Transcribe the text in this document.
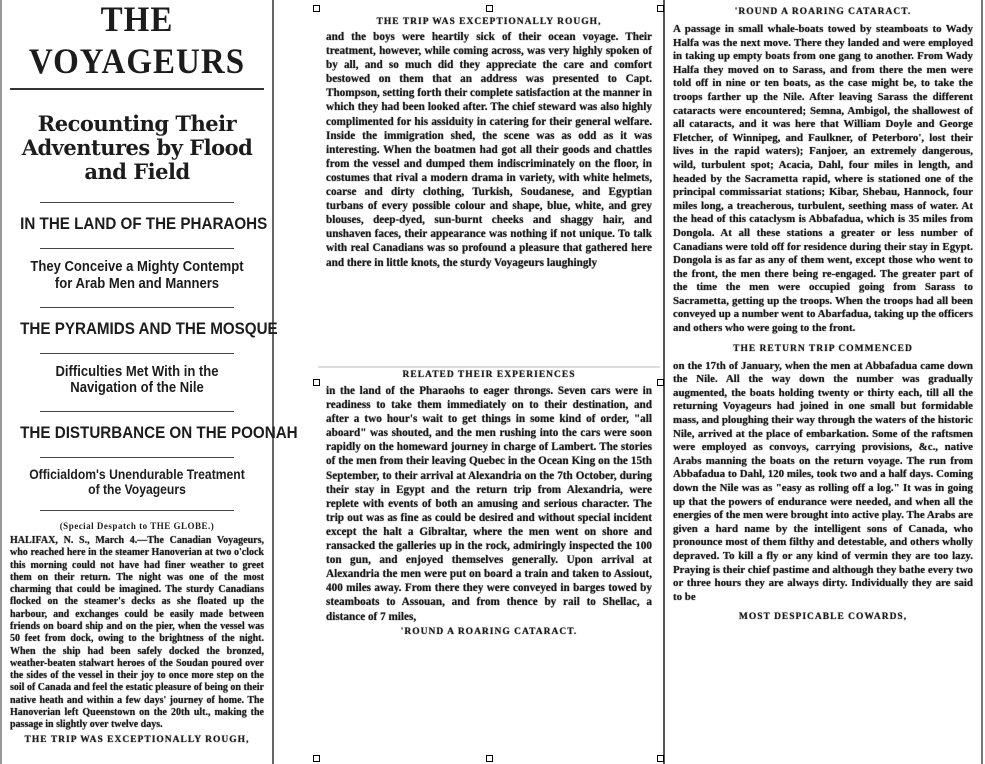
THE VOYAGEURS
Recounting Their Adventures by Flood and Field
IN THE LAND OF THE PHARAOHS
They Conceive a Mighty Contempt for Arab Men and Manners
THE PYRAMIDS AND THE MOSQUE
Difficulties Met With in the Navigation of the Nile
THE DISTURBANCE ON THE POONAH
Officialdom's Unendurable Treatment of the Voyageurs
(Special Despatch to THE GLOBE.)
HALIFAX, N. S., March 4.—The Canadian Voyageurs, who reached here in the steamer Hanoverian at two o'clock this morning could not have had finer weather to greet them on their return. The night was one of the most charming that could be imagined. The sturdy Canadians flocked on the steamer's decks as she floated up the harbour, and exchanges could be easily made between friends on board ship and on the pier, when the vessel was 50 feet from dock, owing to the brightness of the night. When the ship had been safely docked the bronzed, weather-beaten stalwart heroes of the Soudan poured over the sides of the vessel in their joy to once more step on the soil of Canada and feel the estatic pleasure of being on their native heath and within a few days' journey of home. The Hanoverian left Queenstown on the 20th ult., making the passage in slightly over twelve days.
THE TRIP WAS EXCEPTIONALLY ROUGH,
THE TRIP WAS EXCEPTIONALLY ROUGH,
and the boys were heartily sick of their ocean voyage. Their treatment, however, while coming across, was very highly spoken of by all, and so much did they appreciate the care and comfort bestowed on them that an address was presented to Capt. Thompson, setting forth their complete satisfaction at the manner in which they had been looked after. The chief steward was also highly complimented for his assiduity in catering for their general welfare. Inside the immigration shed, the scene was as odd as it was interesting. When the boatmen had got all their goods and chattles from the vessel and dumped them indiscriminately on the floor, in costumes that rival a modern drama in variety, with white helmets, coarse and dirty clothing, Turkish, Soudanese, and Egyptian turbans of every possible colour and shape, blue, white, and grey blouses, deep-dyed, sun-burnt cheeks and shaggy hair, and unshaven faces, their appearance was nothing if not unique. To talk with real Canadians was so profound a pleasure that gathered here and there in little knots, the sturdy Voyageurs laughingly
RELATED THEIR EXPERIENCES
in the land of the Pharaohs to eager throngs. Seven cars were in readiness to take them immediately on to their destination, and after a two hour's wait to get things in some kind of order, "all aboard" was shouted, and the men rushing into the cars were soon rapidly on the homeward journey in charge of Lambert. The stories of the men from their leaving Quebec in the Ocean King on the 15th September, to their arrival at Alexandria on the 7th October, during their stay in Egypt and the return trip from Alexandria, were replete with events of both an amusing and serious character. The trip out was as fine as could be desired and without special incident except the halt a Gibraltar, where the men went on shore and ransacked the galleries up in the rock, admiringly inspected the 100 ton gun, and enjoyed themselves generally. Upon arrival at Alexandria the men were put on board a train and taken to Assiout, 400 miles away. From there they were conveyed in barges towed by steamboats to Assouan, and from thence by rail to Shellac, a distance of 7 miles,
'ROUND A ROARING CATARACT.
'ROUND A ROARING CATARACT.
A passage in small whale-boats towed by steamboats to Wady Halfa was the next move. There they landed and were employed in taking up empty boats from one gang to another. From Wady Halfa they moved on to Sarass, and from there the men were told off in nine or ten boats, as the case might be, to take the troops farther up the Nile. After leaving Sarass the different cataracts were encountered; Semna, Ambigol, the shallowest of all cataracts, and it was here that William Doyle and George Fletcher, of Winnipeg, and Faulkner, of Peterboro', lost their lives in the rapid waters); Fanjoer, an extremely dangerous, wild, turbulent spot; Acacia, Dahl, four miles in length, and headed by the Sacrametta rapid, where is stationed one of the principal commissariat stations; Kibar, Shebau, Hannock, four miles long, a treacherous, turbulent, seething mass of water. At the head of this cataclysm is Abbafadua, which is 35 miles from Dongola. At all these stations a greater or less number of Canadians were told off for residence during their stay in Egypt. Dongola is as far as any of them went, except those who went to the front, the men there being re-engaged. The greater part of the time the men were occupied going from Sarass to Sacrametta, getting up the troops. When the troops had all been conveyed up a number went to Abarfadua, taking up the officers and others who were going to the front.
THE RETURN TRIP COMMENCED
on the 17th of January, when the men at Abbafadua came down the Nile. All the way down the number was gradually augmented, the boats holding twenty or thirty each, till all the returning Voyageurs had joined in one small but formidable mass, and ploughing their way through the waters of the historic Nile, arrived at the place of embarkation. Some of the raftsmen were employed as convoys, carrying provisions, &c., native Arabs manning the boats on the return voyage. The run from Abbafadua to Dahl, 120 miles, took two and a half days. Coming down the Nile was as "easy as rolling off a log." It was in going up that the powers of endurance were needed, and when all the energies of the men were brought into active play. The Arabs are given a hard name by the intelligent sons of Canada, who pronounce most of them filthy and detestable, and others wholly depraved. To kill a fly or any kind of vermin they are too lazy. Praying is their chief pastime and although they bathe every two or three hours they are always dirty. Individually they are said to be
MOST DESPICABLE COWARDS,
